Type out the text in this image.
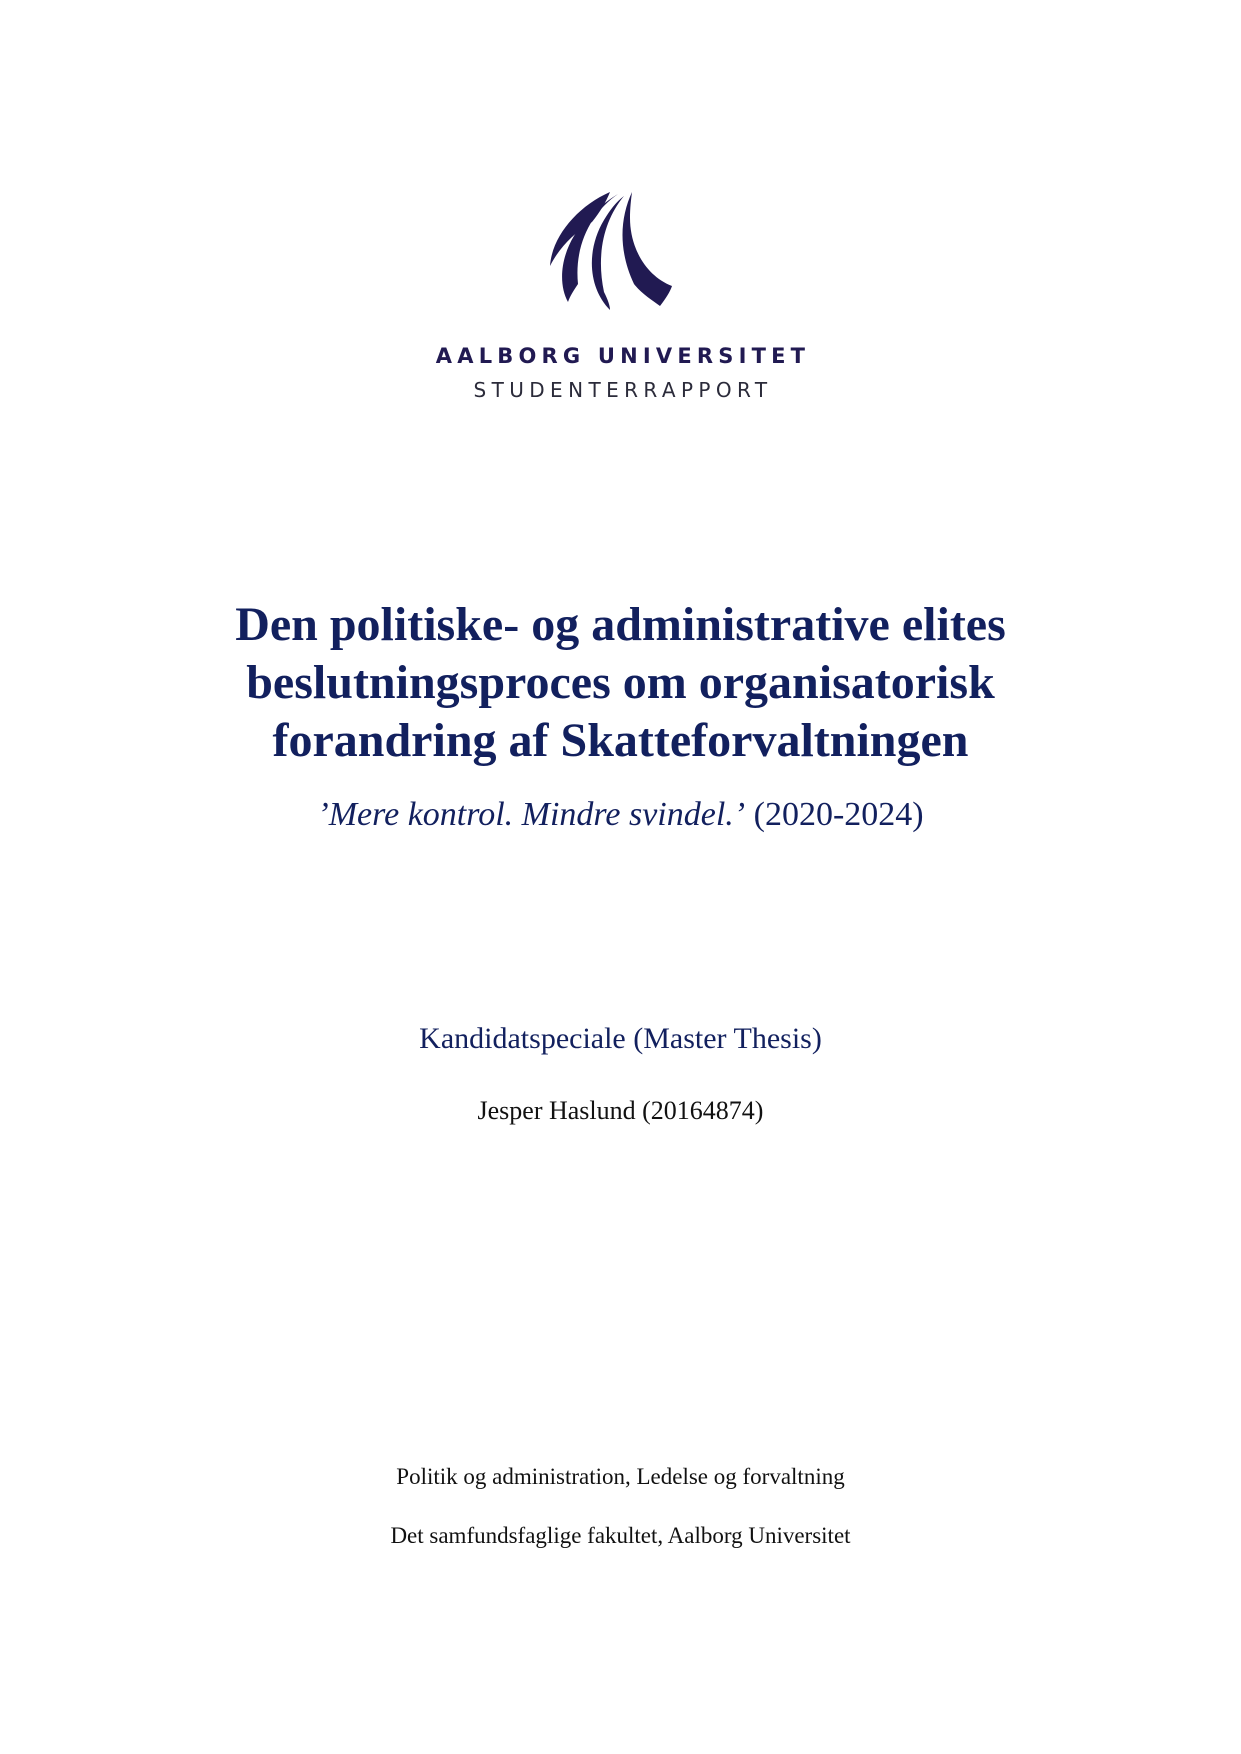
AALBORG UNIVERSITET
STUDENTERRAPPORT
Den politiske- og administrative elites
beslutningsproces om organisatorisk
forandring af Skatteforvaltningen
’Mere kontrol. Mindre svindel.’ (2020-2024)
Kandidatspeciale (Master Thesis)
Jesper Haslund (20164874)
Politik og administration, Ledelse og forvaltning
Det samfundsfaglige fakultet, Aalborg Universitet
